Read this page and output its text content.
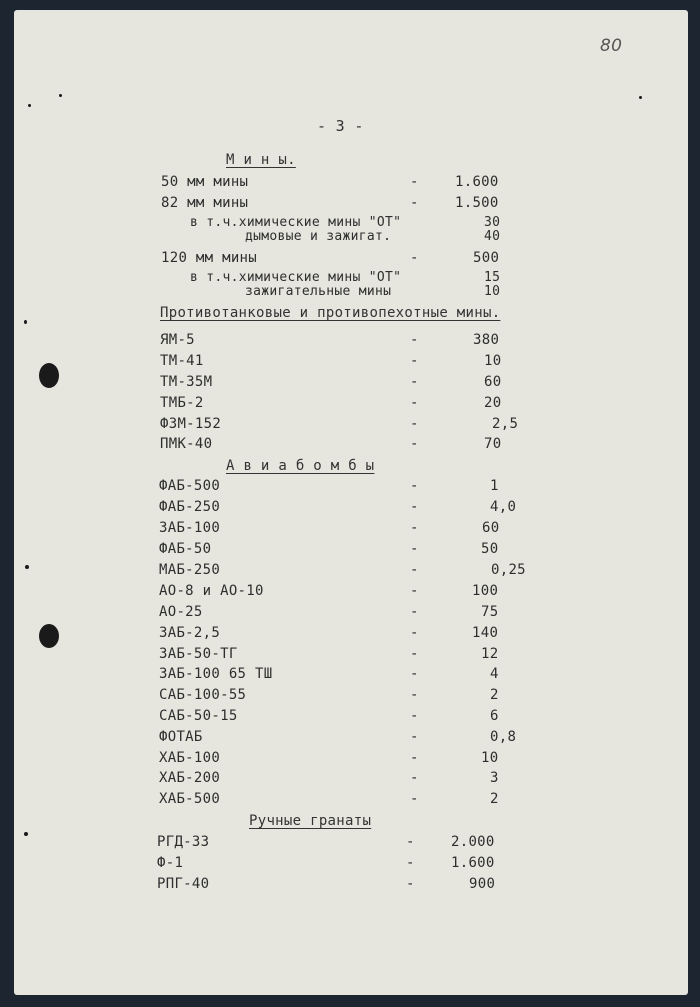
80
- 3 -
М и н ы.
50 мм мины	-	1.600
82 мм мины	-	1.500
в т.ч.химические мины "ОТ"	30
дымовые и зажигат.	40
120 мм мины	-	500
в т.ч.химические мины "ОТ"	15
зажигательные мины	10
Противотанковые и противопехотные мины.
ЯМ-5	-	380
ТМ-41	-	10
ТМ-35М	-	60
ТМБ-2	-	20
ФЗМ-152	-	2,5
ПМК-40	-	70
А в и а б о м б ы
ФАБ-500	-	1
ФАБ-250	-	4,0
ЗАБ-100	-	60
ФАБ-50	-	50
МАБ-250	-	0,25
АО-8 и АО-10	-	100
АО-25	-	75
ЗАБ-2,5	-	140
ЗАБ-50-ТГ	-	12
ЗАБ-100 65 ТШ	-	4
САБ-100-55	-	2
САБ-50-15	-	6
ФОТАБ	-	0,8
ХАБ-100	-	10
ХАБ-200	-	3
ХАБ-500	-	2
Ручные гранаты
РГД-33	-	2.000
Ф-1	-	1.600
РПГ-40	-	900
